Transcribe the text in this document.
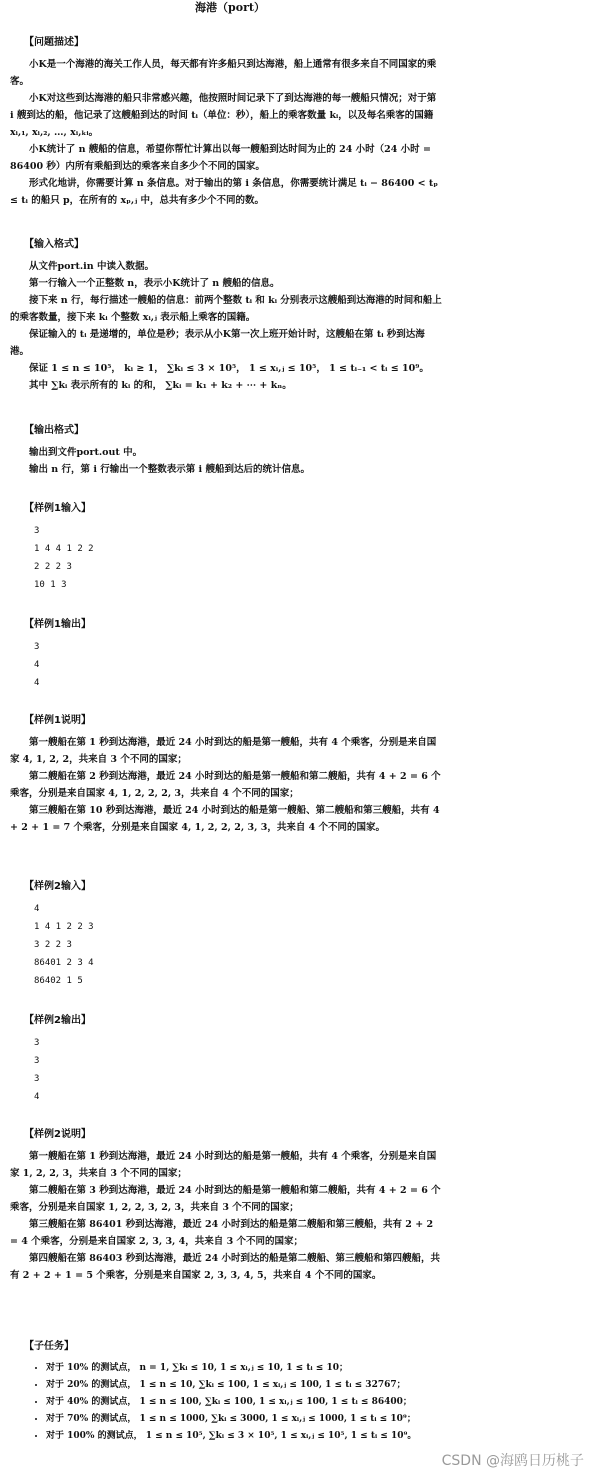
海港（port）
【问题描述】

小K是一个海港的海关工作人员，每天都有许多船只到达海港，船上通常有很多来自不同国家的乘客。

小K对这些到达海港的船只非常感兴趣，他按照时间记录下了到达海港的每一艘船只情况；对于第 i 艘到达的船，他记录了这艘船到达的时间 tᵢ（单位：秒），船上的乘客数量 kᵢ，以及每名乘客的国籍 xᵢ,₁, xᵢ,₂, …, xᵢ,ₖᵢ。

小K统计了 n 艘船的信息，希望你帮忙计算出以每一艘船到达时间为止的 24 小时（24 小时 = 86400 秒）内所有乘船到达的乘客来自多少个不同的国家。

形式化地讲，你需要计算 n 条信息。对于输出的第 i 条信息，你需要统计满足 tᵢ − 86400 < tₚ ≤ tᵢ 的船只 p，在所有的 xₚ,ⱼ 中，总共有多少个不同的数。

【输入格式】

从文件port.in 中读入数据。

第一行输入一个正整数 n，表示小K统计了 n 艘船的信息。

接下来 n 行，每行描述一艘船的信息：前两个整数 tᵢ 和 kᵢ 分别表示这艘船到达海港的时间和船上的乘客数量，接下来 kᵢ 个整数 xᵢ,ⱼ 表示船上乘客的国籍。

保证输入的 tᵢ 是递增的，单位是秒；表示从小K第一次上班开始计时，这艘船在第 tᵢ 秒到达海港。

保证 1 ≤ n ≤ 10⁵， kᵢ ≥ 1， ∑kᵢ ≤ 3 × 10⁵， 1 ≤ xᵢ,ⱼ ≤ 10⁵， 1 ≤ tᵢ₋₁ < tᵢ ≤ 10⁹。

其中 ∑kᵢ 表示所有的 kᵢ 的和， ∑kᵢ = k₁ + k₂ + ⋯ + kₙ。

【输出格式】

输出到文件port.out 中。

输出 n 行，第 i 行输出一个整数表示第 i 艘船到达后的统计信息。

【样例1输入】
3
1 4 4 1 2 2
2 2 2 3
10 1 3
【样例1输出】
3
4
4
【样例1说明】

第一艘船在第 1 秒到达海港，最近 24 小时到达的船是第一艘船，共有 4 个乘客，分别是来自国家 4, 1, 2, 2，共来自 3 个不同的国家；

第二艘船在第 2 秒到达海港，最近 24 小时到达的船是第一艘船和第二艘船，共有 4 + 2 = 6 个乘客，分别是来自国家 4, 1, 2, 2, 2, 3，共来自 4 个不同的国家；

第三艘船在第 10 秒到达海港，最近 24 小时到达的船是第一艘船、第二艘船和第三艘船，共有 4 + 2 + 1 = 7 个乘客，分别是来自国家 4, 1, 2, 2, 2, 3, 3，共来自 4 个不同的国家。

【样例2输入】
4
1 4 1 2 2 3
3 2 2 3
86401 2 3 4
86402 1 5
【样例2输出】
3
3
3
4
【样例2说明】

第一艘船在第 1 秒到达海港，最近 24 小时到达的船是第一艘船，共有 4 个乘客，分别是来自国家 1, 2, 2, 3，共来自 3 个不同的国家；

第二艘船在第 3 秒到达海港，最近 24 小时到达的船是第一艘船和第二艘船，共有 4 + 2 = 6 个乘客，分别是来自国家 1, 2, 2, 3, 2, 3，共来自 3 个不同的国家；

第三艘船在第 86401 秒到达海港，最近 24 小时到达的船是第二艘船和第三艘船，共有 2 + 2 = 4 个乘客，分别是来自国家 2, 3, 3, 4，共来自 3 个不同的国家；

第四艘船在第 86403 秒到达海港，最近 24 小时到达的船是第二艘船、第三艘船和第四艘船，共有 2 + 2 + 1 = 5 个乘客，分别是来自国家 2, 3, 3, 4, 5，共来自 4 个不同的国家。

【子任务】
• 对于 10% 的测试点， n = 1, ∑kᵢ ≤ 10, 1 ≤ xᵢ,ⱼ ≤ 10, 1 ≤ tᵢ ≤ 10；
• 对于 20% 的测试点， 1 ≤ n ≤ 10, ∑kᵢ ≤ 100, 1 ≤ xᵢ,ⱼ ≤ 100, 1 ≤ tᵢ ≤ 32767；
• 对于 40% 的测试点， 1 ≤ n ≤ 100, ∑kᵢ ≤ 100, 1 ≤ xᵢ,ⱼ ≤ 100, 1 ≤ tᵢ ≤ 86400；
• 对于 70% 的测试点， 1 ≤ n ≤ 1000, ∑kᵢ ≤ 3000, 1 ≤ xᵢ,ⱼ ≤ 1000, 1 ≤ tᵢ ≤ 10⁹；
• 对于 100% 的测试点， 1 ≤ n ≤ 10⁵, ∑kᵢ ≤ 3 × 10⁵, 1 ≤ xᵢ,ⱼ ≤ 10⁵, 1 ≤ tᵢ ≤ 10⁹。
CSDN @海鸥日历桃子
